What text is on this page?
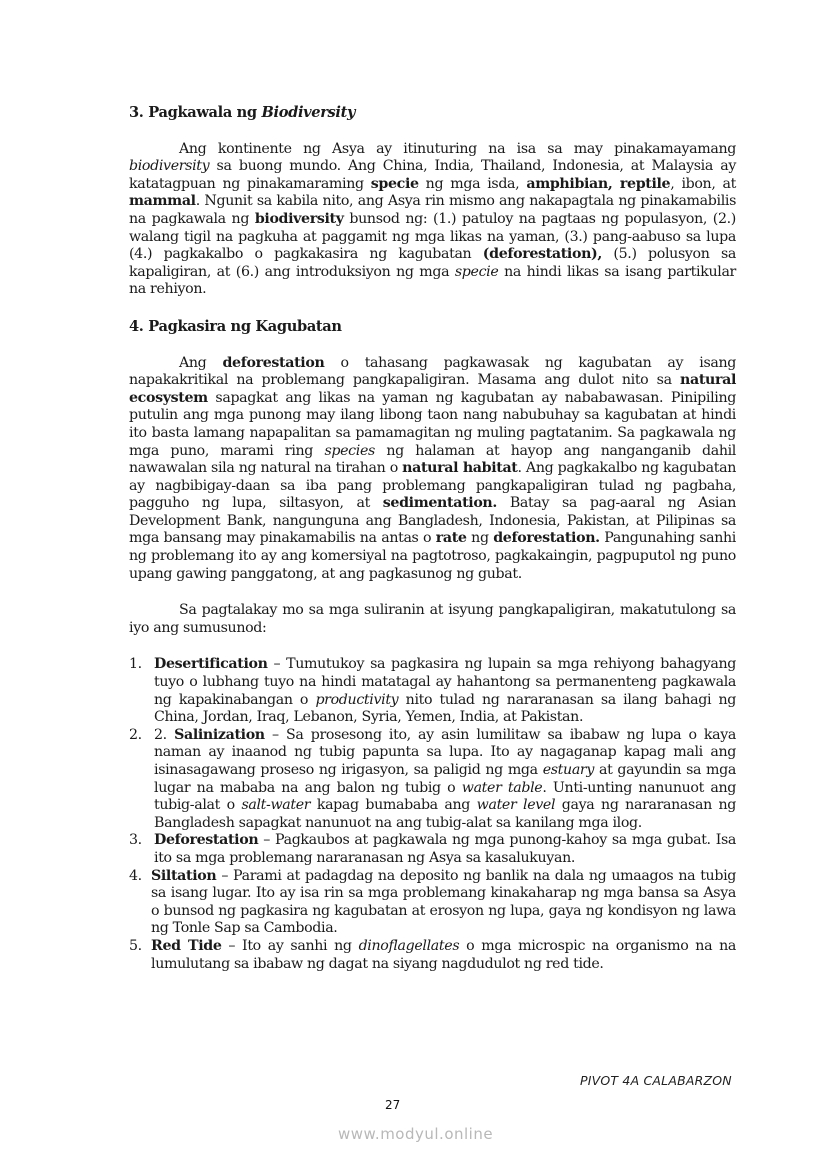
3. Pagkawala ng Biodiversity

Ang kontinente ng Asya ay itinuturing na isa sa may pinakamayamang biodiversity sa buong mundo. Ang China, India, Thailand, Indonesia, at Malaysia ay katatagpuan ng pinakamaraming specie ng mga isda, amphibian, reptile, ibon, at mammal. Ngunit sa kabila nito, ang Asya rin mismo ang nakapagtala ng pinakamabilis na pagkawala ng biodiversity bunsod ng: (1.) patuloy na pagtaas ng populasyon, (2.) walang tigil na pagkuha at paggamit ng mga likas na yaman, (3.) pang-aabuso sa lupa (4.) pagkakalbo o pagkakasira ng kagubatan (deforestation), (5.) polusyon sa kapaligiran, at (6.) ang introduksiyon ng mga specie na hindi likas sa isang partikular na rehiyon.

4. Pagkasira ng Kagubatan

Ang deforestation o tahasang pagkawasak ng kagubatan ay isang napakakritikal na problemang pangkapaligiran. Masama ang dulot nito sa natural ecosystem sapagkat ang likas na yaman ng kagubatan ay nababawasan. Pinipiling putulin ang mga punong may ilang libong taon nang nabubuhay sa kagubatan at hindi ito basta lamang napapalitan sa pamamagitan ng muling pagtatanim. Sa pagkawala ng mga puno, marami ring species ng halaman at hayop ang nanganganib dahil nawawalan sila ng natural na tirahan o natural habitat. Ang pagkakalbo ng kagubatan ay nagbibigay-daan sa iba pang problemang pangkapaligiran tulad ng pagbaha, pagguho ng lupa, siltasyon, at sedimentation. Batay sa pag-aaral ng Asian Development Bank, nangunguna ang Bangladesh, Indonesia, Pakistan, at Pilipinas sa mga bansang may pinakamabilis na antas o rate ng deforestation. Pangunahing sanhi ng problemang ito ay ang komersiyal na pagtotroso, pagkakaingin, pagpuputol ng puno upang gawing panggatong, at ang pagkasunog ng gubat.

Sa pagtalakay mo sa mga suliranin at isyung pangkapaligiran, makatutulong sa iyo ang sumusunod:

1. Desertification – Tumutukoy sa pagkasira ng lupain sa mga rehiyong bahagyang tuyo o lubhang tuyo na hindi matatagal ay hahantong sa permanenteng pagkawala ng kapakinabangan o productivity nito tulad ng nararanasan sa ilang bahagi ng China, Jordan, Iraq, Lebanon, Syria, Yemen, India, at Pakistan.
2. 2. Salinization – Sa prosesong ito, ay asin lumilitaw sa ibabaw ng lupa o kaya naman ay inaanod ng tubig papunta sa lupa. Ito ay nagaganap kapag mali ang isinasagawang proseso ng irigasyon, sa paligid ng mga estuary at gayundin sa mga lugar na mababa na ang balon ng tubig o water table. Unti-unting nanunuot ang tubig-alat o salt-water kapag bumababa ang water level gaya ng nararanasan ng Bangladesh sapagkat nanunuot na ang tubig-alat sa kanilang mga ilog.
3. Deforestation – Pagkaubos at pagkawala ng mga punong-kahoy sa mga gubat. Isa ito sa mga problemang nararanasan ng Asya sa kasalukuyan.
4. Siltation – Parami at padagdag na deposito ng banlik na dala ng umaagos na tubig sa isang lugar. Ito ay isa rin sa mga problemang kinakaharap ng mga bansa sa Asya o bunsod ng pagkasira ng kagubatan at erosyon ng lupa, gaya ng kondisyon ng lawa ng Tonle Sap sa Cambodia.
5. Red Tide – Ito ay sanhi ng dinoflagellates o mga microspic na organismo na na lumulutang sa ibabaw ng dagat na siyang nagdudulot ng red tide.
PIVOT 4A CALABARZON
27
www.modyul.online
